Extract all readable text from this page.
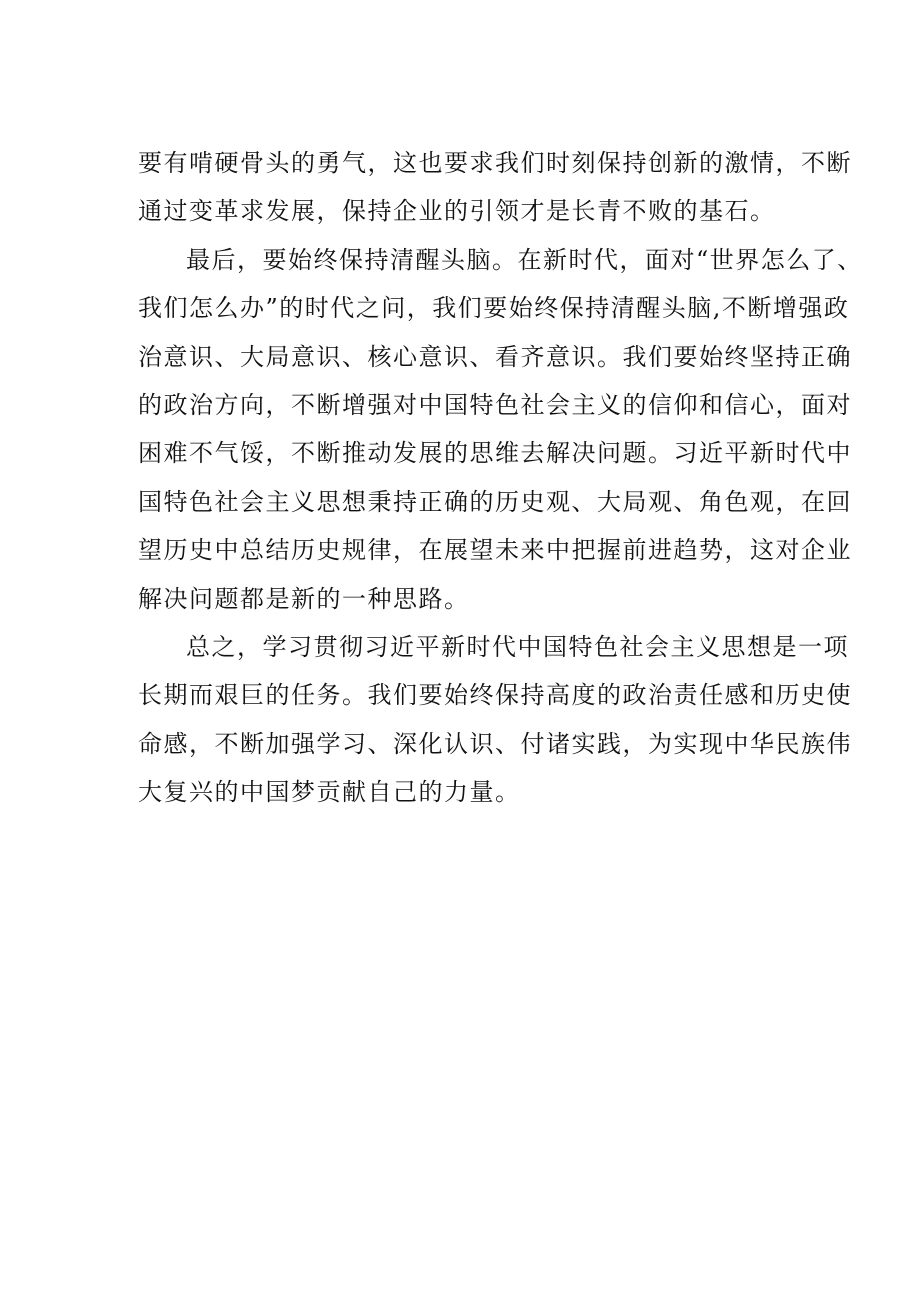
要有啃硬骨头的勇气，这也要求我们时刻保持创新的激情，不断
通过变革求发展，保持企业的引领才是长青不败的基石。
最后，要始终保持清醒头脑。在新时代，面对“世界怎么了、
我们怎么办”的时代之问，我们要始终保持清醒头脑,不断增强政
治意识、大局意识、核心意识、看齐意识。我们要始终坚持正确
的政治方向，不断增强对中国特色社会主义的信仰和信心，面对
困难不气馁，不断推动发展的思维去解决问题。习近平新时代中
国特色社会主义思想秉持正确的历史观、大局观、角色观，在回
望历史中总结历史规律，在展望未来中把握前进趋势，这对企业
解决问题都是新的一种思路。
总之，学习贯彻习近平新时代中国特色社会主义思想是一项
长期而艰巨的任务。我们要始终保持高度的政治责任感和历史使
命感，不断加强学习、深化认识、付诸实践，为实现中华民族伟
大复兴的中国梦贡献自己的力量。
